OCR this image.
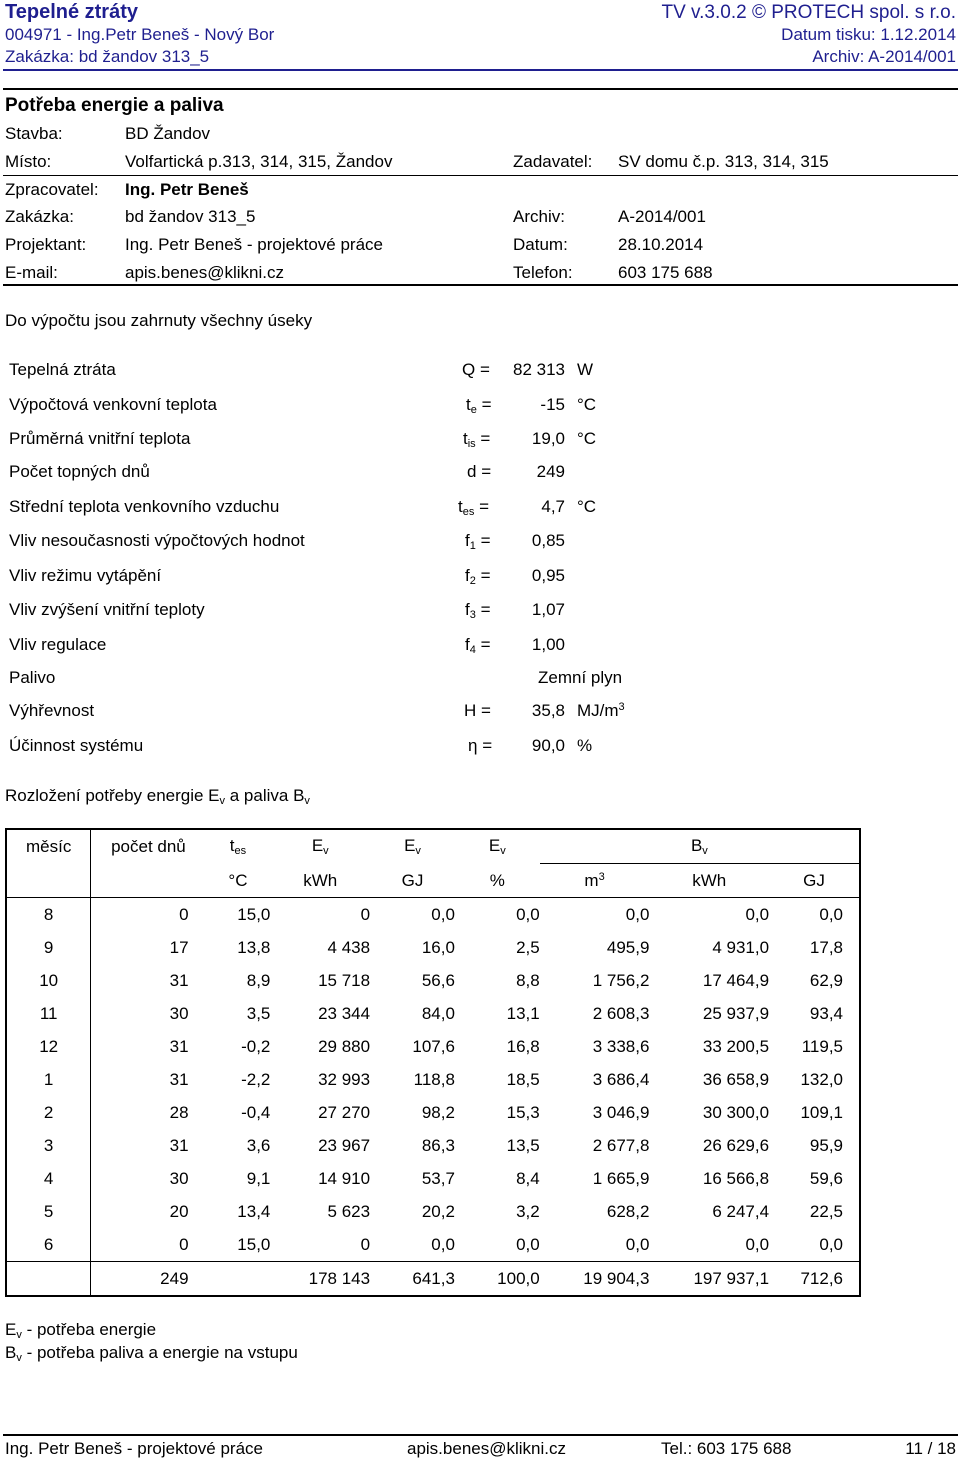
Tepelné ztráty	TV v.3.0.2 © PROTECH spol. s r.o.
004971 - Ing.Petr Beneš - Nový Bor	Datum tisku: 1.12.2014
Zakázka: bd žandov 313_5	Archiv: A-2014/001
Potřeba energie a paliva
Stavba:	BD Žandov
Místo:	Volfartická p.313, 314, 315, Žandov	Zadavatel: SV domu č.p. 313, 314, 315
Zpracovatel: Ing. Petr Beneš
Zakázka:	bd žandov 313_5	Archiv:	A-2014/001
Projektant: Ing. Petr Beneš - projektové práce	Datum:	28.10.2014
E-mail:	apis.benes@klikni.cz	Telefon:	603 175 688
Do výpočtu jsou zahrnuty všechny úseky
Tepelná ztráta	Q =	82 313 W
Výpočtová venkovní teplota	$t_e$ =	-15 °C
Průměrná vnitřní teplota	$t_{is}$ =	19,0 °C
Počet topných dnů	d =	249
Střední teplota venkovního vzduchu	$t_{es}$ =	4,7 °C
Vliv nesoučasnosti výpočtových hodnot	$f_1$ =	0,85
Vliv režimu vytápění	$f_2$ =	0,95
Vliv zvýšení vnitřní teploty	$f_3$ =	1,07
Vliv regulace	$f_4$ =	1,00
Palivo	Zemní plyn
Výhřevnost	H =	35,8 $MJ/m^3$
Účinnost systému	η =	90,0 %
Rozložení potřeby energie $E_v$ a paliva $B_v$
měsíc	počet dnů	$t_{es}$	$E_v$	$E_v$	$E_v$	$B_v$
		°C	kWh	GJ	%	$m^3$	kWh	GJ
8	0	15,0	0	0,0	0,0	0,0	0,0	0,0
9	17	13,8	4 438	16,0	2,5	495,9	4 931,0	17,8
10	31	8,9	15 718	56,6	8,8	1 756,2	17 464,9	62,9
11	30	3,5	23 344	84,0	13,1	2 608,3	25 937,9	93,4
12	31	-0,2	29 880	107,6	16,8	3 338,6	33 200,5	119,5
1	31	-2,2	32 993	118,8	18,5	3 686,4	36 658,9	132,0
2	28	-0,4	27 270	98,2	15,3	3 046,9	30 300,0	109,1
3	31	3,6	23 967	86,3	13,5	2 677,8	26 629,6	95,9
4	30	9,1	14 910	53,7	8,4	1 665,9	16 566,8	59,6
5	20	13,4	5 623	20,2	3,2	628,2	6 247,4	22,5
6	0	15,0	0	0,0	0,0	0,0	0,0	0,0
	249		178 143	641,3	100,0	19 904,3	197 937,1	712,6
$E_v$ - potřeba energie
$B_v$ - potřeba paliva a energie na vstupu
Ing. Petr Beneš - projektové práce	apis.benes@klikni.cz	Tel.: 603 175 688	11 / 18
